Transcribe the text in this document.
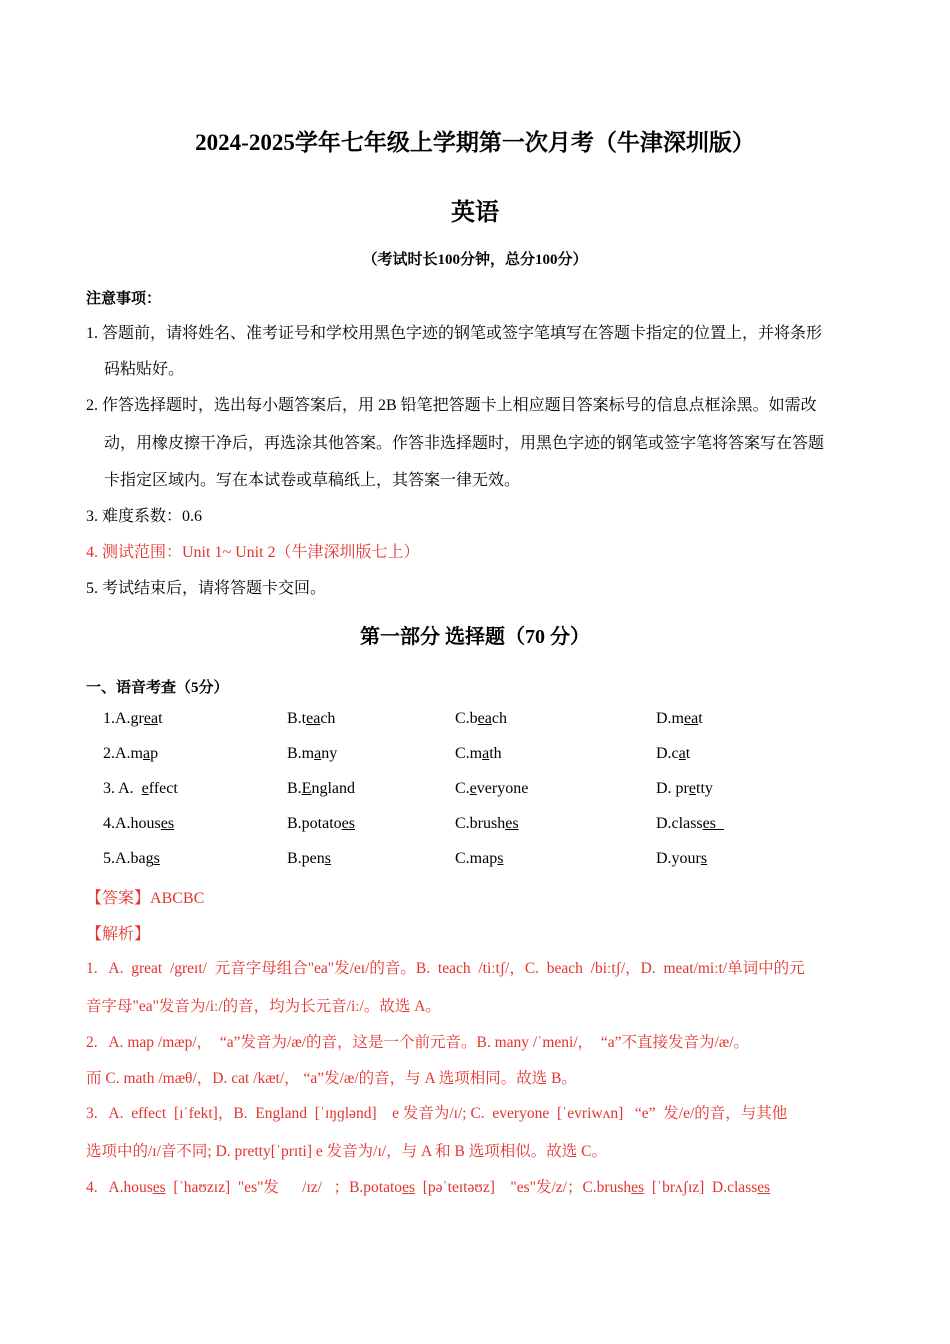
2024-2025学年七年级上学期第一次月考（牛津深圳版）
英语
（考试时长100分钟，总分100分）
注意事项：
1. 答题前，请将姓名、准考证号和学校用黑色字迹的钢笔或签字笔填写在答题卡指定的位置上，并将条形
码粘贴好。
2. 作答选择题时，选出每小题答案后，用 2B 铅笔把答题卡上相应题目答案标号的信息点框涂黑。如需改
动，用橡皮擦干净后，再选涂其他答案。作答非选择题时，用黑色字迹的钢笔或签字笔将答案写在答题
卡指定区域内。写在本试卷或草稿纸上，其答案一律无效。
3. 难度系数：0.6
4. 测试范围：Unit 1~ Unit 2（牛津深圳版七上）
5. 考试结束后，请将答题卡交回。
第一部分 选择题（70 分）
一、语音考查（5分）
1.A.great	B.teach	C.beach	D.meat
2.A.map	B.many	C.math	D.cat
3. A.  effect	B.England	C.everyone	D. pretty
4.A.houses	B.potatoes	C.brushes	D.classes
5.A.bags	B.pens	C.maps	D.yours
【答案】ABCBC
【解析】
1.   A.  great  /greɪt/  元音字母组合"ea"发/eɪ/的音。B.  teach  /tiːtʃ/，C.  beach  /biːtʃ/，D.  meat/miːt/单词中的元
音字母"ea"发音为/iː/的音，均为长元音/iː/。故选 A。
2.   A. map /mæp/，  “a”发音为/æ/的音，这是一个前元音。B. many /ˈmeni/，  “a”不直接发音为/æ/。
而 C. math /mæθ/，D. cat /kæt/， “a”发/æ/的音，与 A 选项相同。故选 B。
3.   A.  effect  [ɪˈfekt]，B.  England  [ˈɪŋɡlənd]    e 发音为/ɪ/; C.  everyone  [ˈevriwʌn]   “e”  发/e/的音，与其他
选项中的/ɪ/音不同; D. pretty[ˈprɪti] e 发音为/ɪ/，与 A 和 B 选项相似。故选 C。
4.   A.houses  [ˈhaʊzɪz]  "es"发      /ɪz/   ；B.potatoes  [pəˈteɪtəʊz]    "es"发/z/；C.brushes  [ˈbrʌʃɪz]  D.classes
